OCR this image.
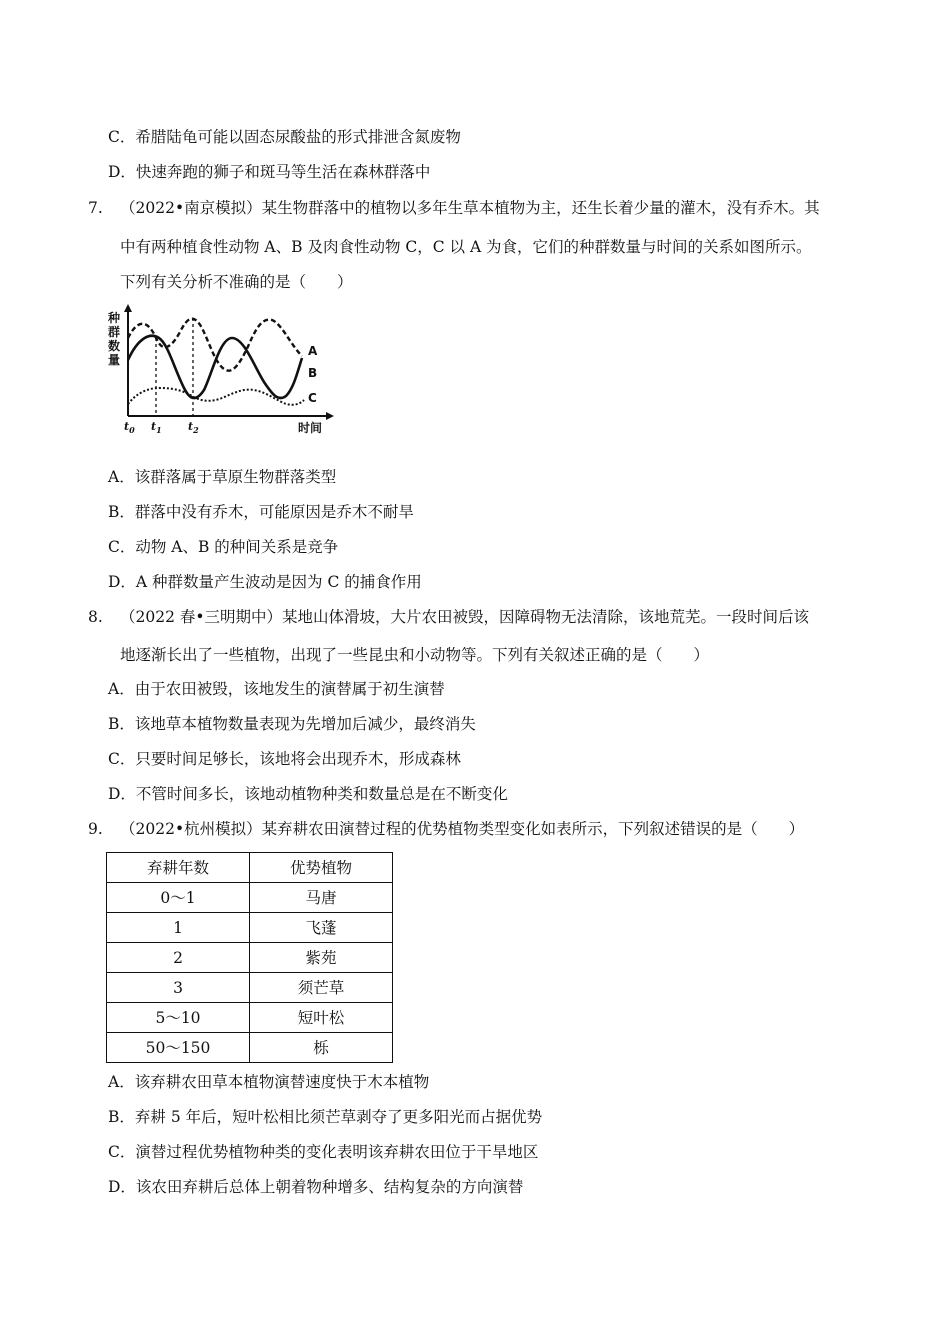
C．希腊陆龟可能以固态尿酸盐的形式排泄含氮废物
D．快速奔跑的狮子和斑马等生活在森林群落中
7. （2022•南京模拟）某生物群落中的植物以多年生草本植物为主，还生长着少量的灌木，没有乔木。其
中有两种植食性动物 A、B 及肉食性动物 C，C 以 A 为食，它们的种群数量与时间的关系如图所示。
下列有关分析不准确的是（　　）
种
群
数
量
A
B
C
$t_0$ $t_1$ $t_2$	时间
A．该群落属于草原生物群落类型
B．群落中没有乔木，可能原因是乔木不耐旱
C．动物 A、B 的种间关系是竞争
D．A 种群数量产生波动是因为 C 的捕食作用
8. （2022 春•三明期中）某地山体滑坡，大片农田被毁，因障碍物无法清除，该地荒芜。一段时间后该
地逐渐长出了一些植物，出现了一些昆虫和小动物等。下列有关叙述正确的是（　　）
A．由于农田被毁，该地发生的演替属于初生演替
B．该地草本植物数量表现为先增加后减少，最终消失
C．只要时间足够长，该地将会出现乔木，形成森林
D．不管时间多长，该地动植物种类和数量总是在不断变化
9. （2022•杭州模拟）某弃耕农田演替过程的优势植物类型变化如表所示，下列叙述错误的是（　　）
弃耕年数	优势植物
0～1	马唐
1	飞蓬
2	紫苑
3	须芒草
5～10	短叶松
50～150	栎
A．该弃耕农田草本植物演替速度快于木本植物
B．弃耕 5 年后，短叶松相比须芒草剥夺了更多阳光而占据优势
C．演替过程优势植物种类的变化表明该弃耕农田位于干旱地区
D．该农田弃耕后总体上朝着物种增多、结构复杂的方向演替
